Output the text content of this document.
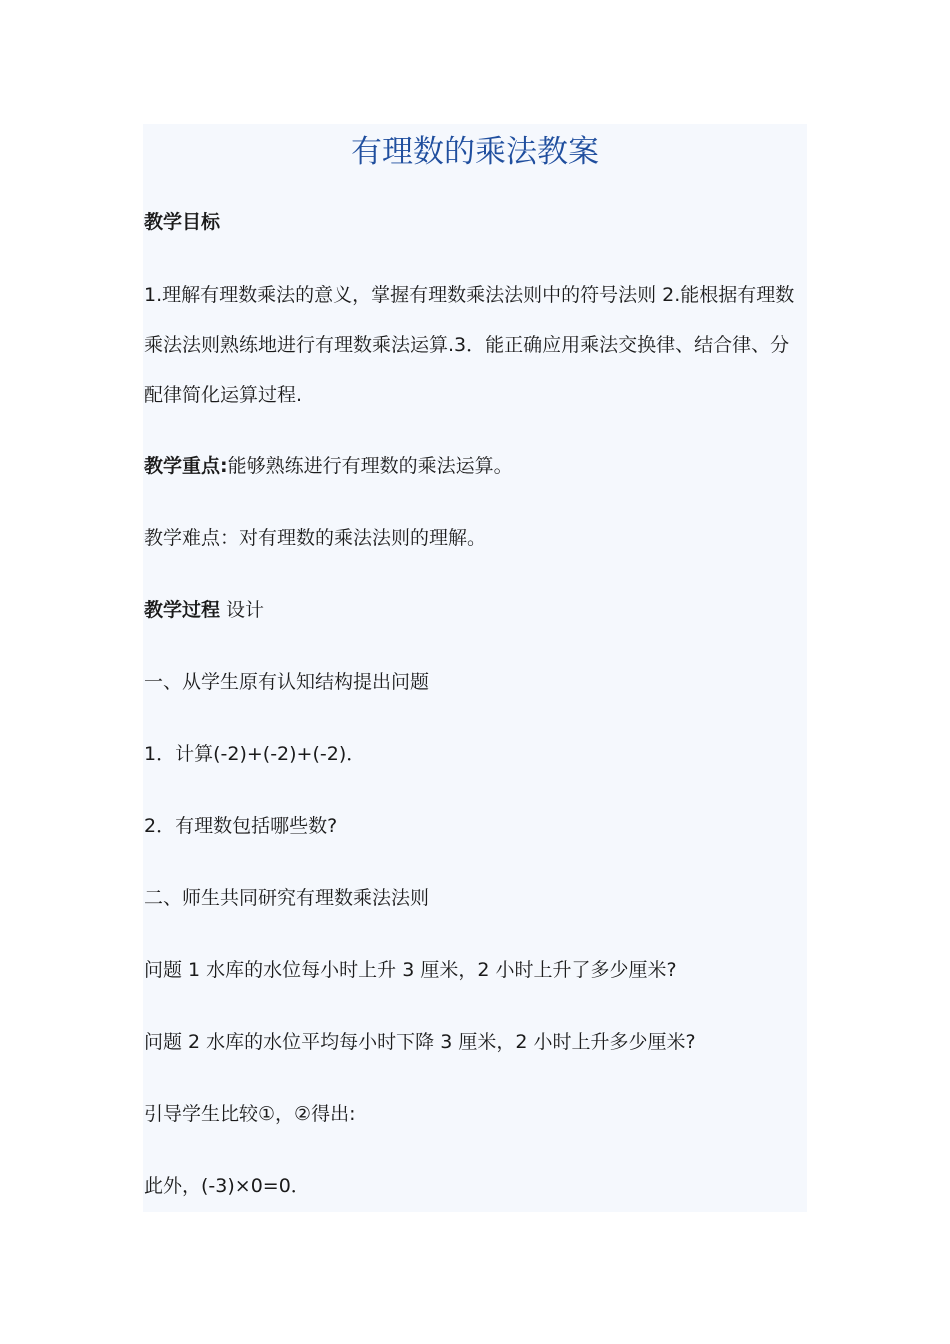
有理数的乘法教案

教学目标

1.理解有理数乘法的意义，掌握有理数乘法法则中的符号法则 2.能根据有理数乘法法则熟练地进行有理数乘法运算.3．能正确应用乘法交换律、结合律、分配律简化运算过程.

教学重点:能够熟练进行有理数的乘法运算。

教学难点：对有理数的乘法法则的理解。

教学过程 设计

一、从学生原有认知结构提出问题

1．计算(-2)+(-2)+(-2)．

2．有理数包括哪些数?

二、师生共同研究有理数乘法法则

问题 1 水库的水位每小时上升 3 厘米，2 小时上升了多少厘米?

问题 2 水库的水位平均每小时下降 3 厘米，2 小时上升多少厘米?

引导学生比较①，②得出:

此外，(-3)×0=0．
